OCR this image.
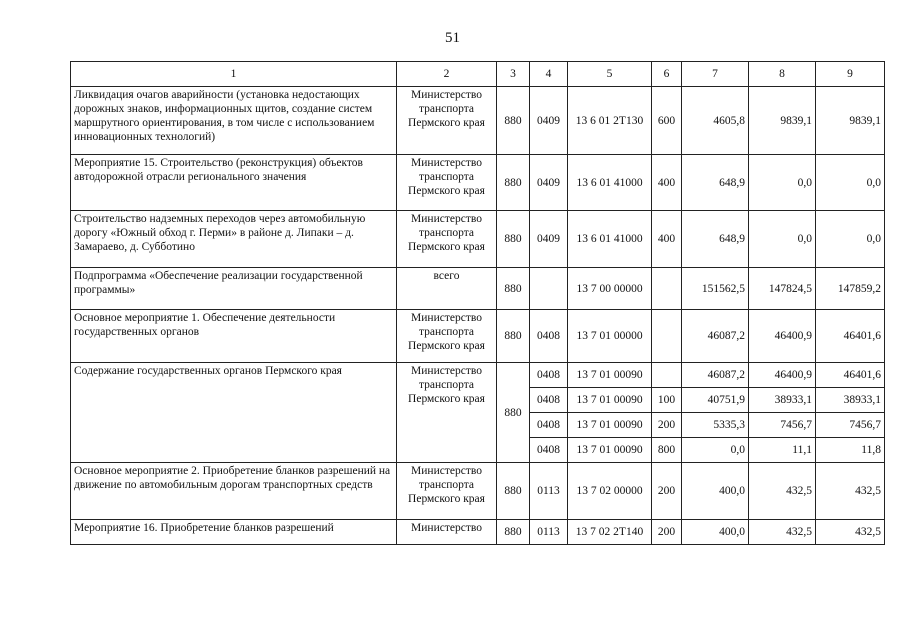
51
1	2	3	4	5	6	7	8	9
Ликвидация очагов аварийности (установка недостающих дорожных знаков, информационных щитов, создание систем маршрутного ориентирования, в том числе с использованием инновационных технологий)	Министерство транспорта Пермского края	880	0409	13 6 01 2Т130	600	4605,8	9839,1	9839,1
Мероприятие 15. Строительство (реконструкция) объектов автодорожной отрасли регионального значения	Министерство транспорта Пермского края	880	0409	13 6 01 41000	400	648,9	0,0	0,0
Строительство надземных переходов через автомобильную дорогу «Южный обход г. Перми» в районе д. Липаки – д. Замараево, д. Субботино	Министерство транспорта Пермского края	880	0409	13 6 01 41000	400	648,9	0,0	0,0
Подпрограмма «Обеспечение реализации государственной программы»	всего	880		13 7 00 00000		151562,5	147824,5	147859,2
Основное мероприятие 1. Обеспечение деятельности государственных органов	Министерство транспорта Пермского края	880	0408	13 7 01 00000		46087,2	46400,9	46401,6
Содержание государственных органов Пермского края	Министерство транспорта Пермского края	880	0408	13 7 01 00090		46087,2	46400,9	46401,6
			0408	13 7 01 00090	100	40751,9	38933,1	38933,1
			0408	13 7 01 00090	200	5335,3	7456,7	7456,7
			0408	13 7 01 00090	800	0,0	11,1	11,8
Основное мероприятие 2. Приобретение бланков разрешений на движение по автомобильным дорогам транспортных средств	Министерство транспорта Пермского края	880	0113	13 7 02 00000	200	400,0	432,5	432,5
Мероприятие 16. Приобретение бланков разрешений	Министерство	880	0113	13 7 02 2Т140	200	400,0	432,5	432,5
